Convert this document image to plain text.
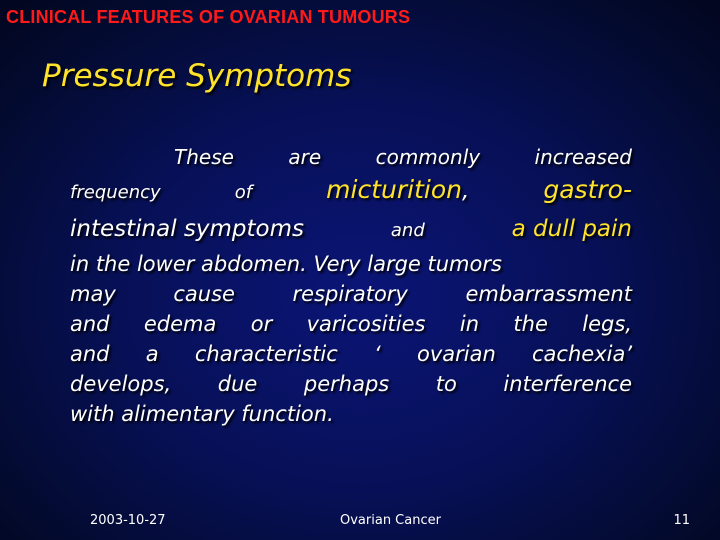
CLINICAL FEATURES OF OVARIAN TUMOURS
Pressure Symptoms
These	are	commonly	increased
frequency	of	micturition,	gastro-
intestinal symptoms	and	a dull pain
in the lower abdomen. Very large tumors
may	cause	respiratory	embarrassment
and edema or varicosities in the legs,
and a characteristic ‘ ovarian cachexia’
develops, due perhaps to interference
with alimentary function.
2003-10-27	Ovarian Cancer	11
